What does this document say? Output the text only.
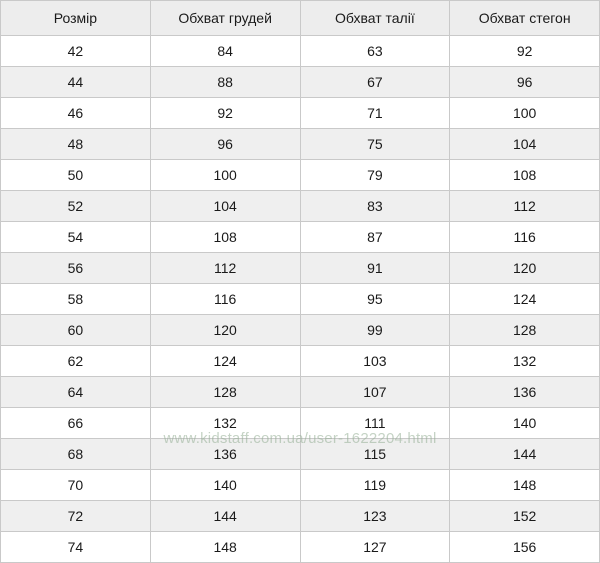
Розмір	Обхват грудей	Обхват талії	Обхват стегон
42	84	63	92
44	88	67	96
46	92	71	100
48	96	75	104
50	100	79	108
52	104	83	112
54	108	87	116
56	112	91	120
58	116	95	124
60	120	99	128
62	124	103	132
64	128	107	136
66	132	111	140
68	136	115	144
70	140	119	148
72	144	123	152
74	148	127	156
www.kidstaff.com.ua/user-1622204.html
